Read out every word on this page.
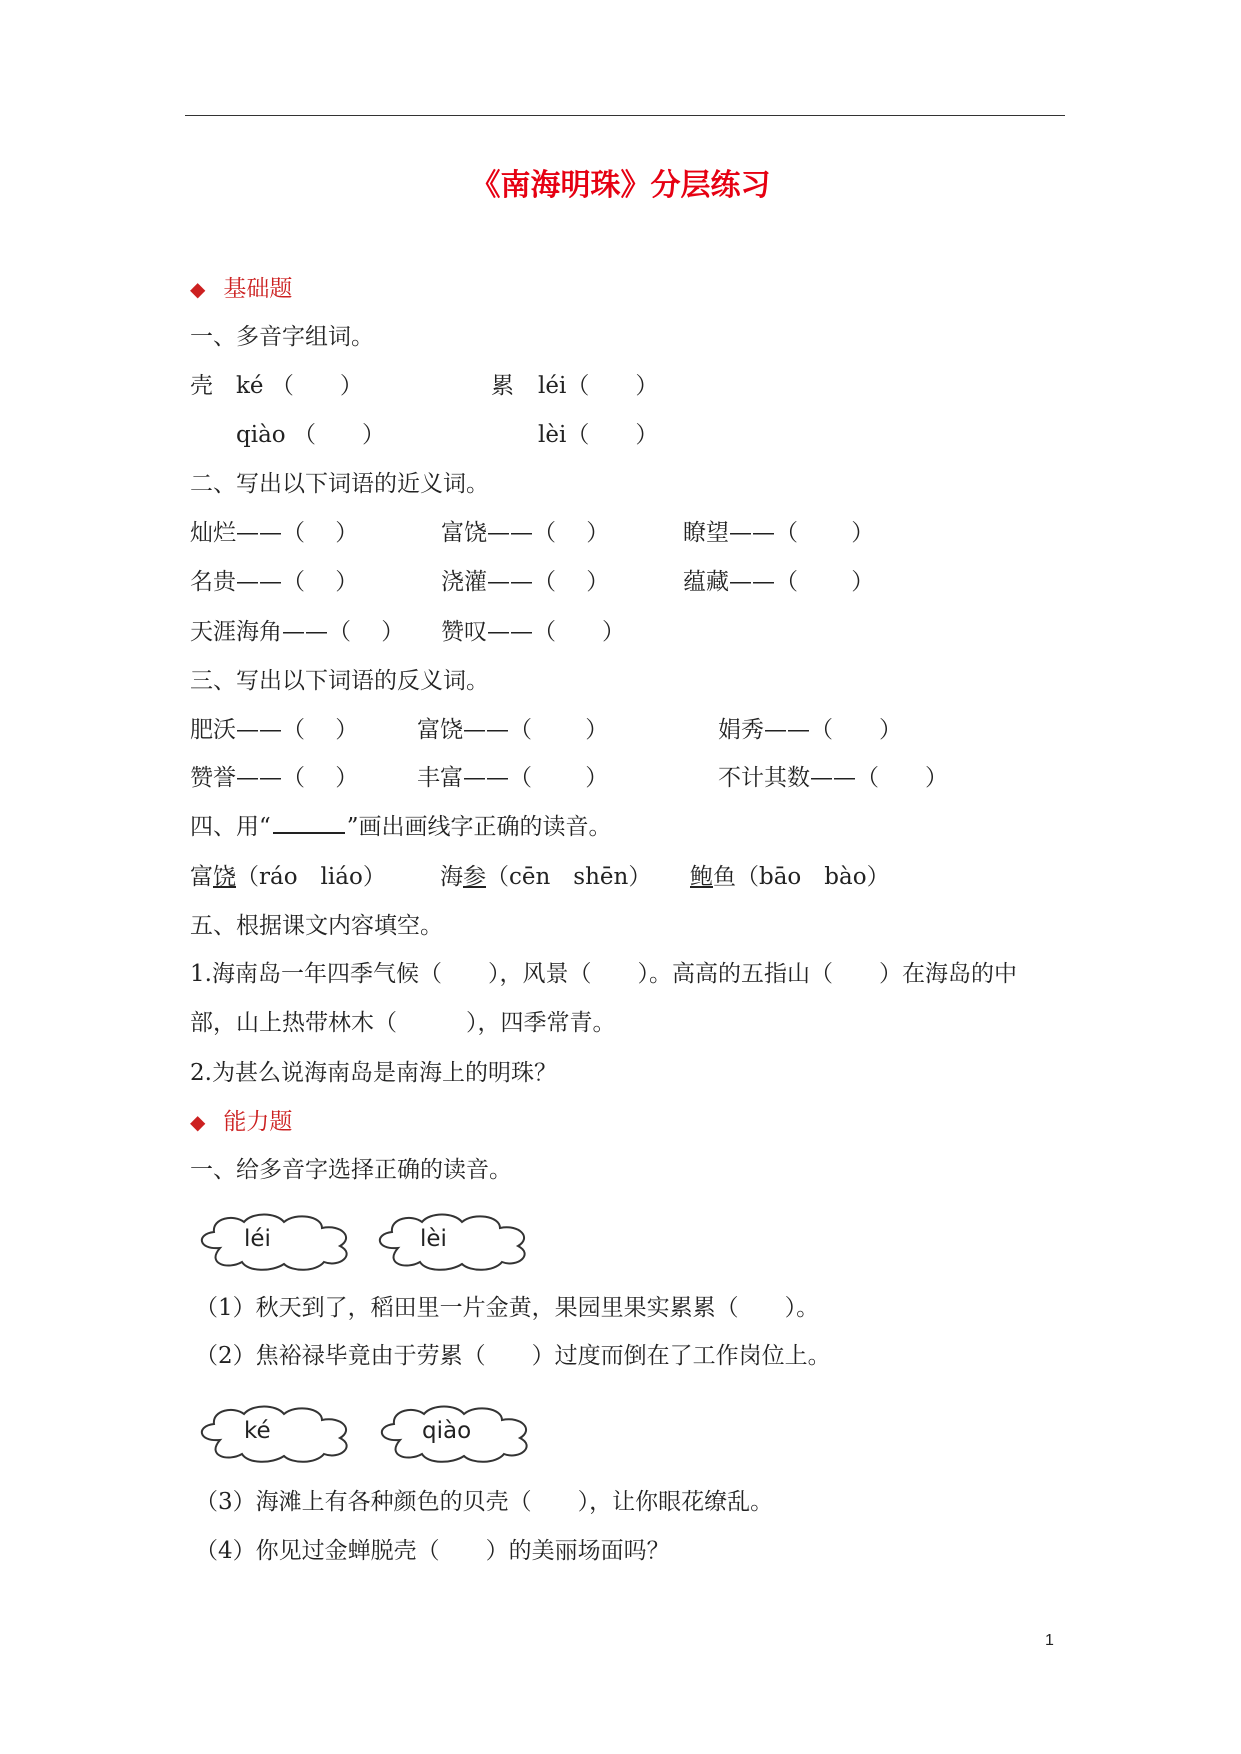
《南海明珠》分层练习
◆ 基础题
一、多音字组词。
壳 ké （　　）	累 léi（　　）
qiào （　　）	lèi（　　）
二、写出以下词语的近义词。
灿烂——（　 ）	富饶——（　 ）	瞭望——（　　 ）
名贵——（　 ）	浇灌——（　 ）	蕴藏——（　　 ）
天涯海角——（　 ） 赞叹——（　　）
三、写出以下词语的反义词。
肥沃——（　 ）	富饶——（　　 ）	娟秀——（　　）
赞誉——（　 ）	丰富——（　　 ）	不计其数——（　　）
四、用“	”画出画线字正确的读音。
富饶（ráo　liáo） 海参（cēn　shēn） 鲍鱼（bāo　bào）
五、根据课文内容填空。
1.海南岛一年四季气候（　　），风景（　　）。高高的五指山（　　）在海岛的中
部，山上热带林木（　　　），四季常青。
2.为甚么说海南岛是南海上的明珠？
◆ 能力题
一、给多音字选择正确的读音。
léi	lèi
（1）秋天到了，稻田里一片金黄，果园里果实累累（　　）。
（2）焦裕禄毕竟由于劳累（　　）过度而倒在了工作岗位上。
ké	qiào
（3）海滩上有各种颜色的贝壳（　　），让你眼花缭乱。
（4）你见过金蝉脱壳（　　）的美丽场面吗？
1
